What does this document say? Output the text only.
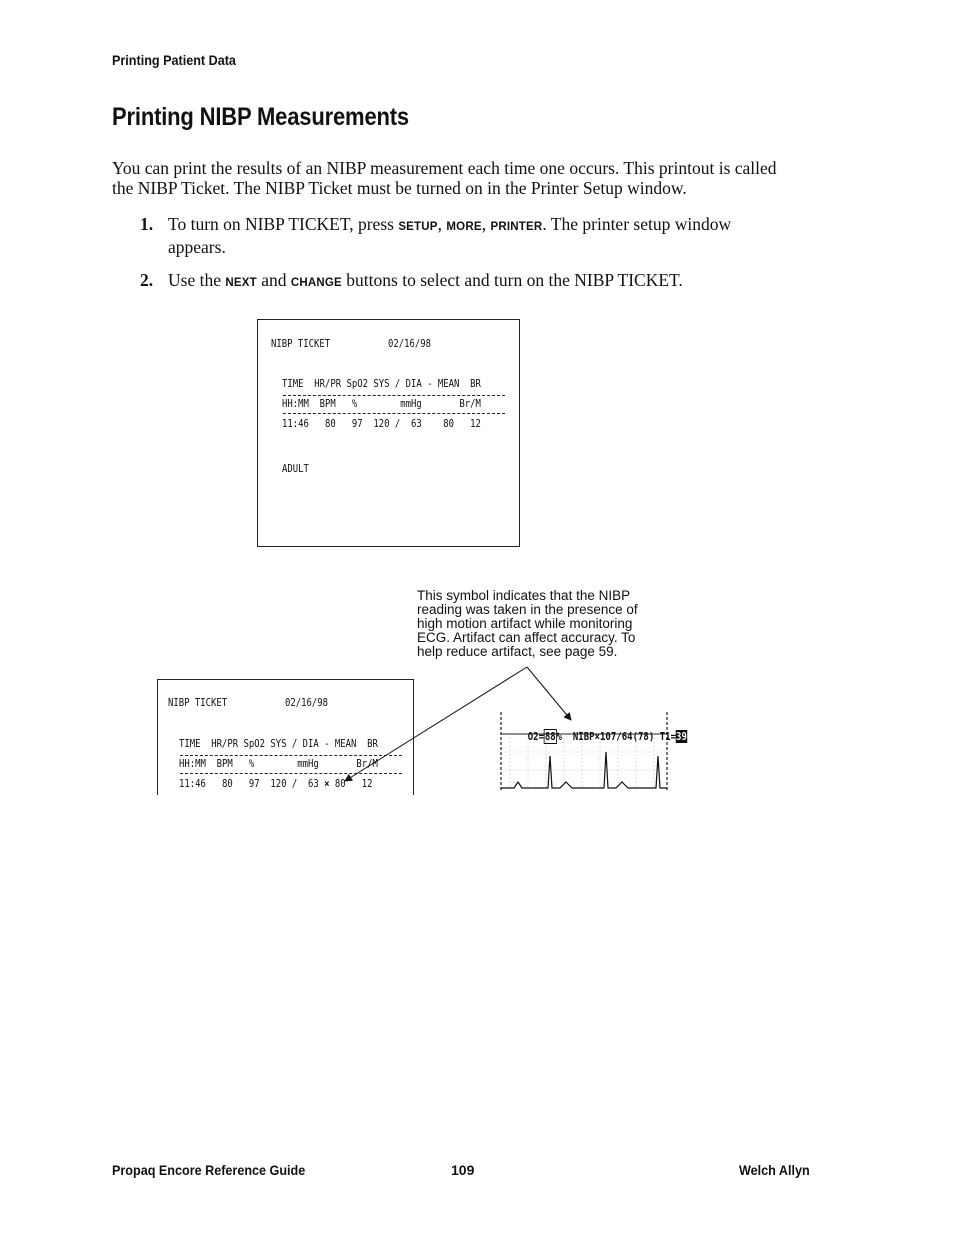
Printing Patient Data
Printing NIBP Measurements

You can print the results of an NIBP measurement each time one occurs. This printout is called the NIBP Ticket. The NIBP Ticket must be turned on in the Printer Setup window.

1. To turn on NIBP TICKET, press SETUP, MORE, PRINTER. The printer setup window appears.
2. Use the NEXT and CHANGE buttons to select and turn on the NIBP TICKET.
NIBP TICKET	02/16/98
TIME  HR/PR SpO2 SYS / DIA - MEAN  BR
HH:MM  BPM   %        mmHg       Br/M
11:46   80   97  120 /  63    80   12
ADULT
This symbol indicates that the NIBP reading was taken in the presence of high motion artifact while monitoring ECG. Artifact can affect accuracy. To help reduce artifact, see page 59.
NIBP TICKET	02/16/98
TIME  HR/PR SpO2 SYS / DIA - MEAN  BR
HH:MM  BPM   %        mmHg       Br/M
11:46   80   97  120 /  63 × 80   12

O2=88% NIBP×107/64(78) T1=39

Propaq Encore Reference Guide	109	Welch Allyn
